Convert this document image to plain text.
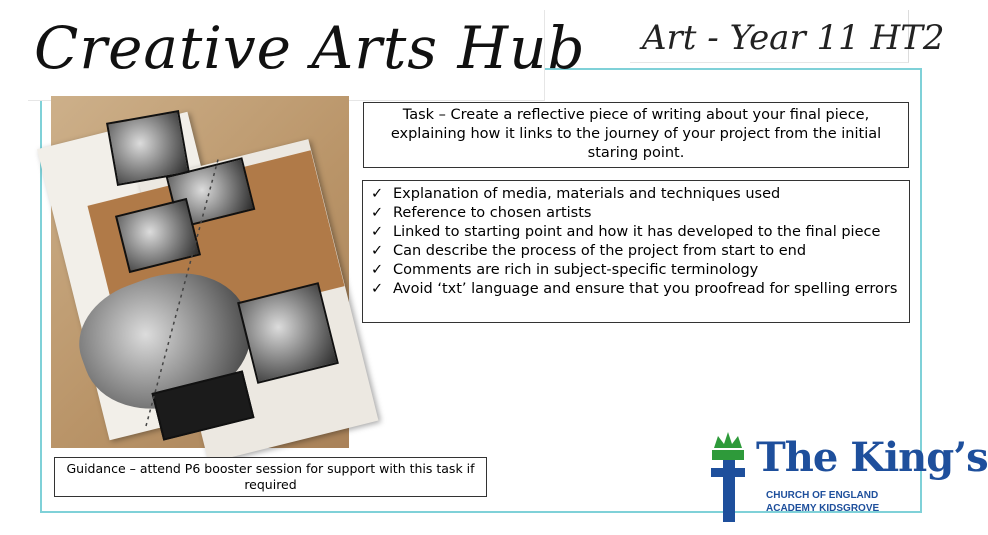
Creative Arts Hub Art - Year 11 HT2
Task – Create a reflective piece of writing about your final piece, explaining how it links to the journey of your project from the initial staring point.
✓ Explanation of media, materials and techniques used
✓ Reference to chosen artists
✓ Linked to starting point and how it has developed to the final piece
✓ Can describe the process of the project from start to end
✓ Comments are rich in subject-specific terminology
✓ Avoid ‘txt’ language and ensure that you proofread for spelling errors
Guidance – attend P6 booster session for support with this task if required
The King’s
CHURCH OF ENGLAND
ACADEMY KIDSGROVE
